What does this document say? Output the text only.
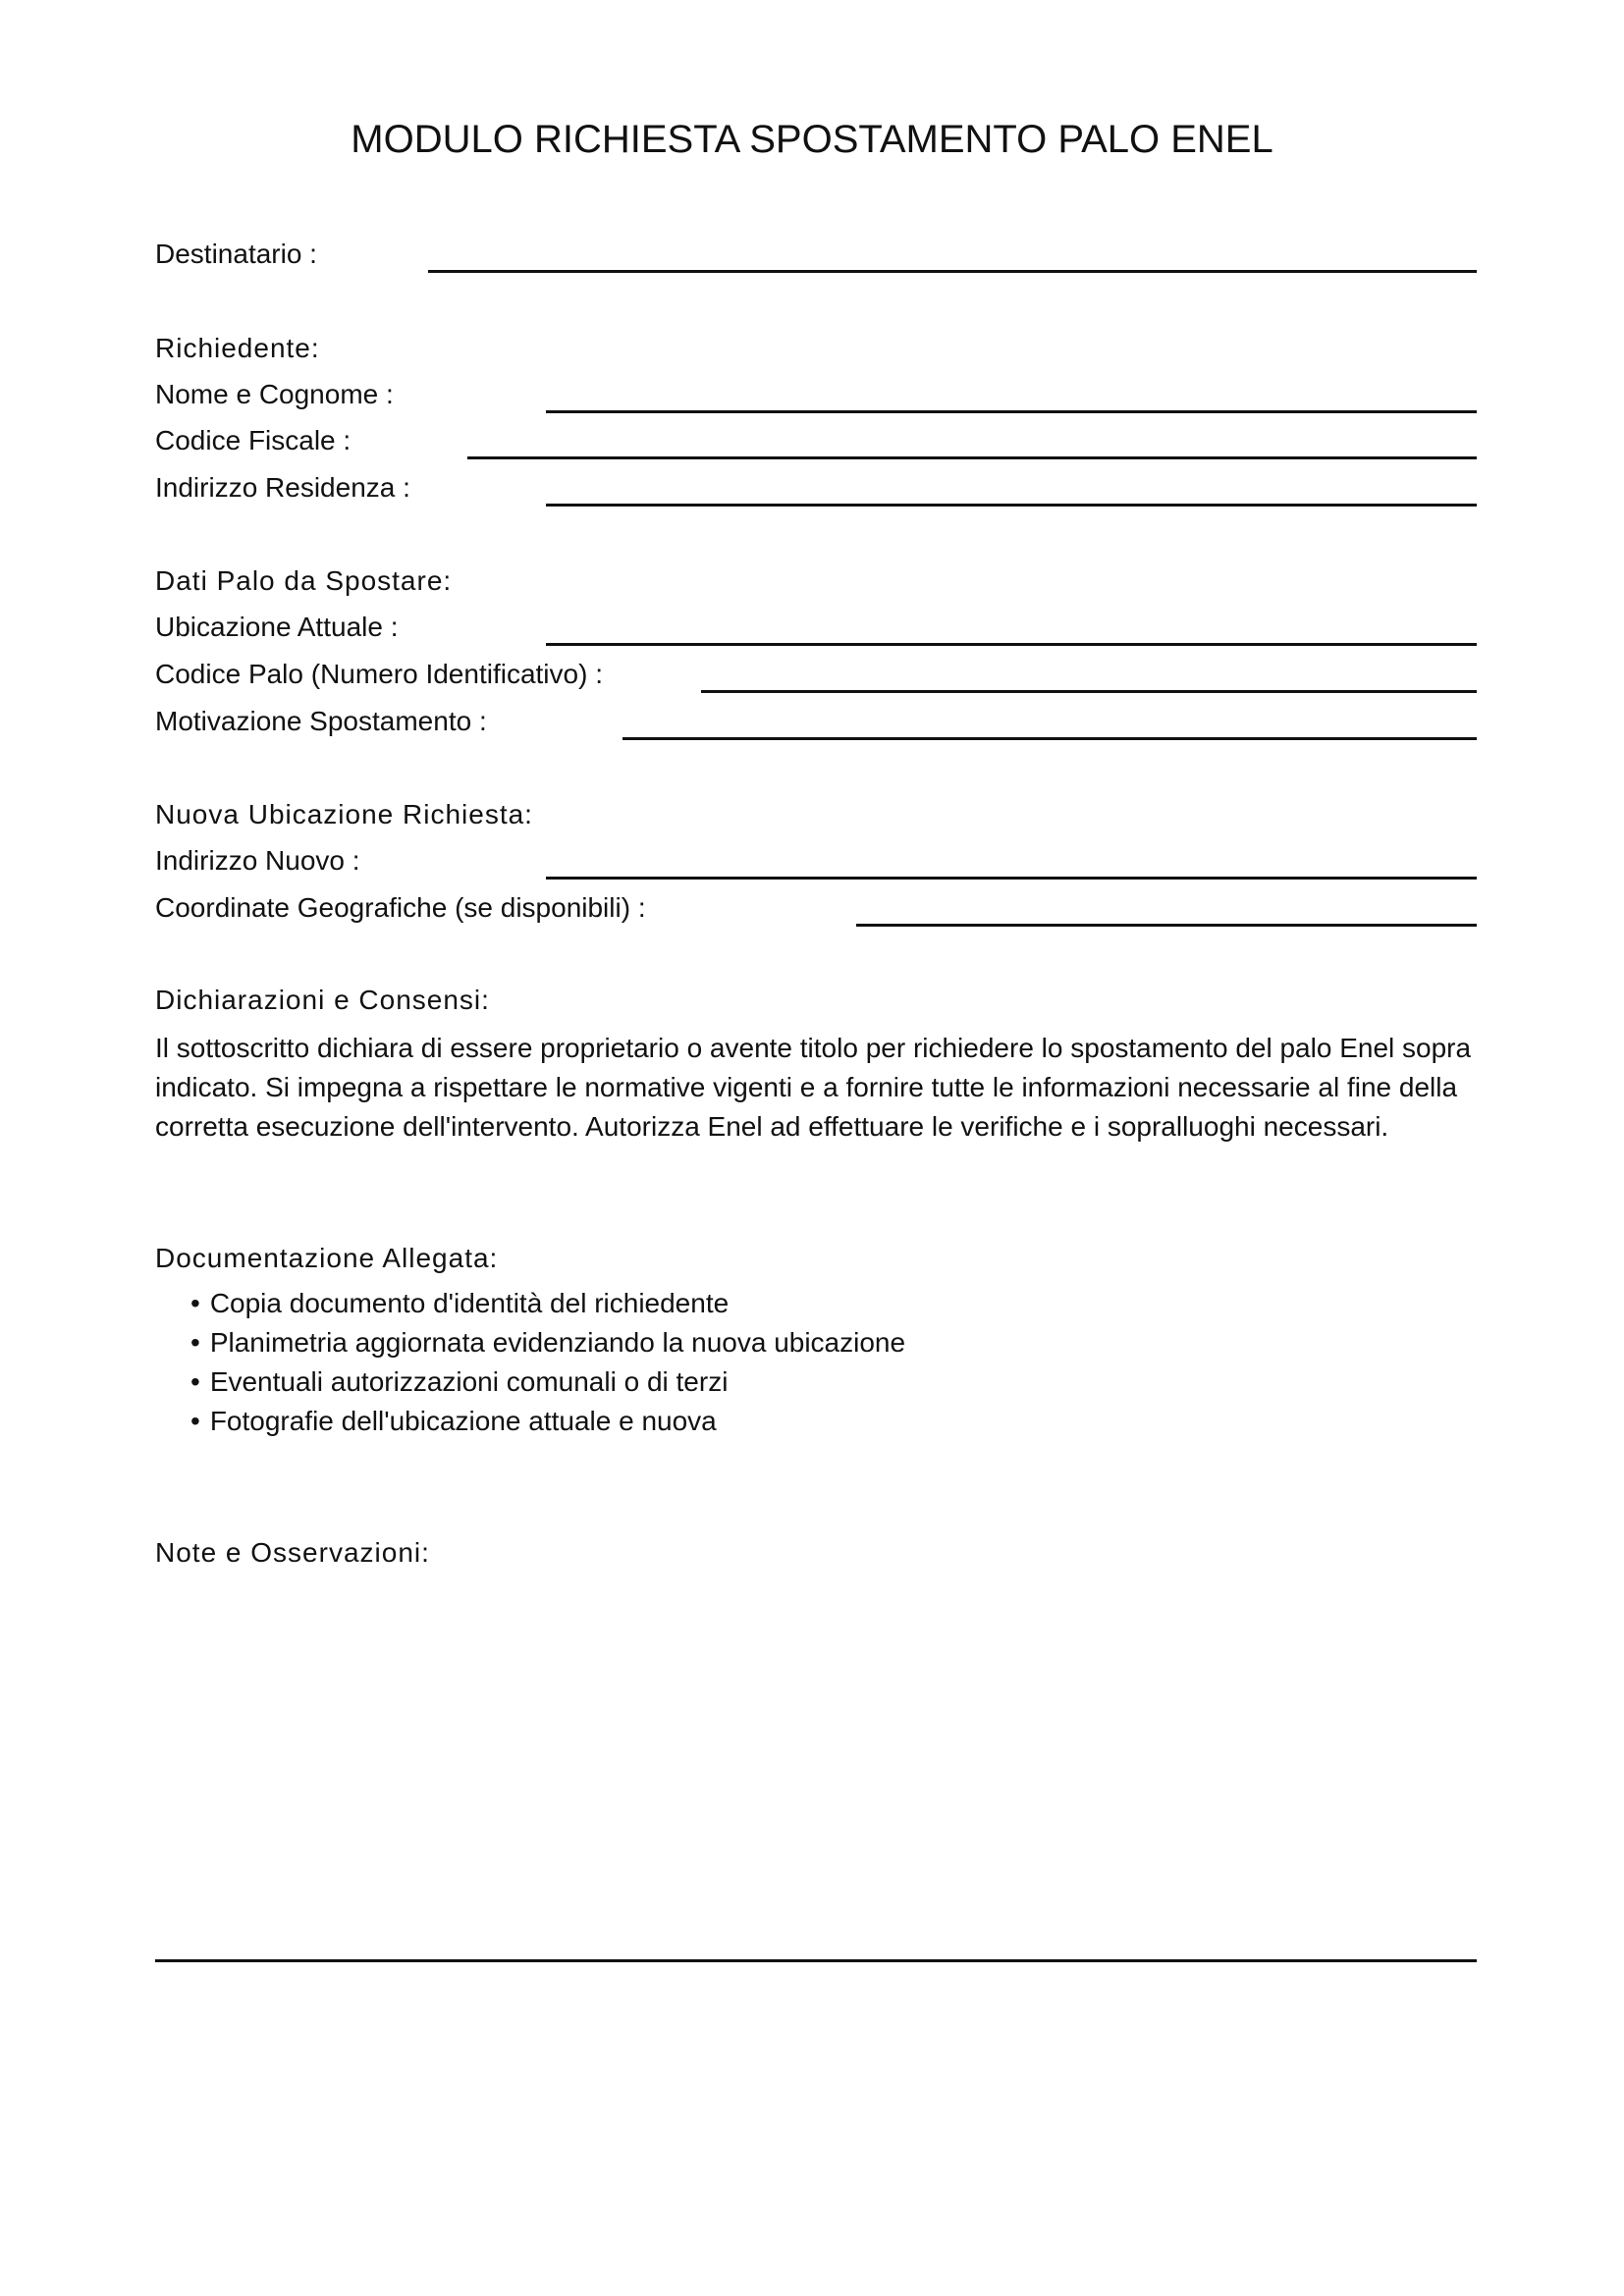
MODULO RICHIESTA SPOSTAMENTO PALO ENEL
Destinatario :
Richiedente:
Nome e Cognome :
Codice Fiscale :
Indirizzo Residenza :
Dati Palo da Spostare:
Ubicazione Attuale :
Codice Palo (Numero Identificativo) :
Motivazione Spostamento :
Nuova Ubicazione Richiesta:
Indirizzo Nuovo :
Coordinate Geografiche (se disponibili) :
Dichiarazioni e Consensi:
Il sottoscritto dichiara di essere proprietario o avente titolo per richiedere lo spostamento del palo Enel sopra indicato. Si impegna a rispettare le normative vigenti e a fornire tutte le informazioni necessarie al fine della corretta esecuzione dell'intervento. Autorizza Enel ad effettuare le verifiche e i sopralluoghi necessari.
Documentazione Allegata:
• Copia documento d'identità del richiedente
• Planimetria aggiornata evidenziando la nuova ubicazione
• Eventuali autorizzazioni comunali o di terzi
• Fotografie dell'ubicazione attuale e nuova
Note e Osservazioni:
